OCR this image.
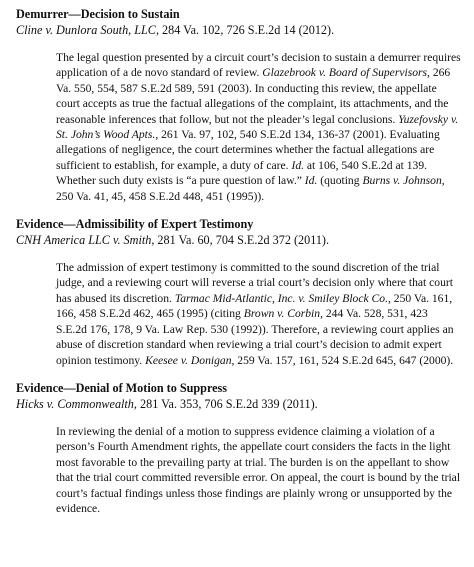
Demurrer—Decision to Sustain

Cline v. Dunlora South, LLC, 284 Va. 102, 726 S.E.2d 14 (2012).

The legal question presented by a circuit court’s decision to sustain a demurrer requires application of a de novo standard of review. Glazebrook v. Board of Supervisors, 266 Va. 550, 554, 587 S.E.2d 589, 591 (2003). In conducting this review, the appellate court accepts as true the factual allegations of the complaint, its attachments, and the reasonable inferences that follow, but not the pleader’s legal conclusions. Yuzefovsky v. St. John’s Wood Apts., 261 Va. 97, 102, 540 S.E.2d 134, 136-37 (2001). Evaluating allegations of negligence, the court determines whether the factual allegations are sufficient to establish, for example, a duty of care. Id. at 106, 540 S.E.2d at 139. Whether such duty exists is “a pure question of law.” Id. (quoting Burns v. Johnson, 250 Va. 41, 45, 458 S.E.2d 448, 451 (1995)).

Evidence—Admissibility of Expert Testimony

CNH America LLC v. Smith, 281 Va. 60, 704 S.E.2d 372 (2011).

The admission of expert testimony is committed to the sound discretion of the trial judge, and a reviewing court will reverse a trial court’s decision only where that court has abused its discretion. Tarmac Mid-Atlantic, Inc. v. Smiley Block Co., 250 Va. 161, 166, 458 S.E.2d 462, 465 (1995) (citing Brown v. Corbin, 244 Va. 528, 531, 423 S.E.2d 176, 178, 9 Va. Law Rep. 530 (1992)). Therefore, a reviewing court applies an abuse of discretion standard when reviewing a trial court’s decision to admit expert opinion testimony. Keesee v. Donigan, 259 Va. 157, 161, 524 S.E.2d 645, 647 (2000).

Evidence—Denial of Motion to Suppress

Hicks v. Commonwealth, 281 Va. 353, 706 S.E.2d 339 (2011).

In reviewing the denial of a motion to suppress evidence claiming a violation of a person’s Fourth Amendment rights, the appellate court considers the facts in the light most favorable to the prevailing party at trial. The burden is on the appellant to show that the trial court committed reversible error. On appeal, the court is bound by the trial court’s factual findings unless those findings are plainly wrong or unsupported by the evidence.
